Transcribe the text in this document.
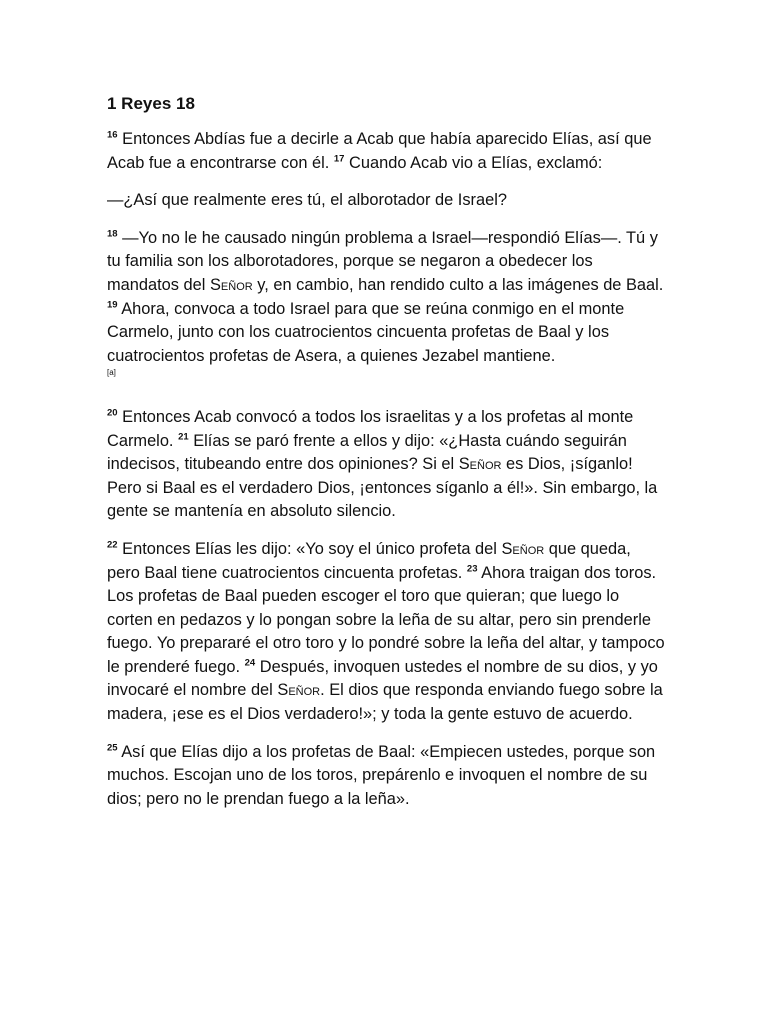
1 Reyes 18

$^{16}$ Entonces Abdías fue a decirle a Acab que había aparecido Elías, así que Acab fue a encontrarse con él. $^{17}$ Cuando Acab vio a Elías, exclamó:

—¿Así que realmente eres tú, el alborotador de Israel?

$^{18}$ —Yo no le he causado ningún problema a Israel—respondió Elías—. Tú y tu familia son los alborotadores, porque se negaron a obedecer los mandatos del Señor y, en cambio, han rendido culto a las imágenes de Baal. $^{19}$ Ahora, convoca a todo Israel para que se reúna conmigo en el monte Carmelo, junto con los cuatrocientos cincuenta profetas de Baal y los cuatrocientos profetas de Asera, a quienes Jezabel mantiene.
[a]

$^{20}$ Entonces Acab convocó a todos los israelitas y a los profetas al monte Carmelo. $^{21}$ Elías se paró frente a ellos y dijo: «¿Hasta cuándo seguirán indecisos, titubeando entre dos opiniones? Si el Señor es Dios, ¡síganlo! Pero si Baal es el verdadero Dios, ¡entonces síganlo a él!». Sin embargo, la gente se mantenía en absoluto silencio.

$^{22}$ Entonces Elías les dijo: «Yo soy el único profeta del Señor que queda, pero Baal tiene cuatrocientos cincuenta profetas. $^{23}$ Ahora traigan dos toros. Los profetas de Baal pueden escoger el toro que quieran; que luego lo corten en pedazos y lo pongan sobre la leña de su altar, pero sin prenderle fuego. Yo prepararé el otro toro y lo pondré sobre la leña del altar, y tampoco le prenderé fuego. $^{24}$ Después, invoquen ustedes el nombre de su dios, y yo invocaré el nombre del Señor. El dios que responda enviando fuego sobre la madera, ¡ese es el Dios verdadero!»; y toda la gente estuvo de acuerdo.

$^{25}$ Así que Elías dijo a los profetas de Baal: «Empiecen ustedes, porque son muchos. Escojan uno de los toros, prepárenlo e invoquen el nombre de su dios; pero no le prendan fuego a la leña».
